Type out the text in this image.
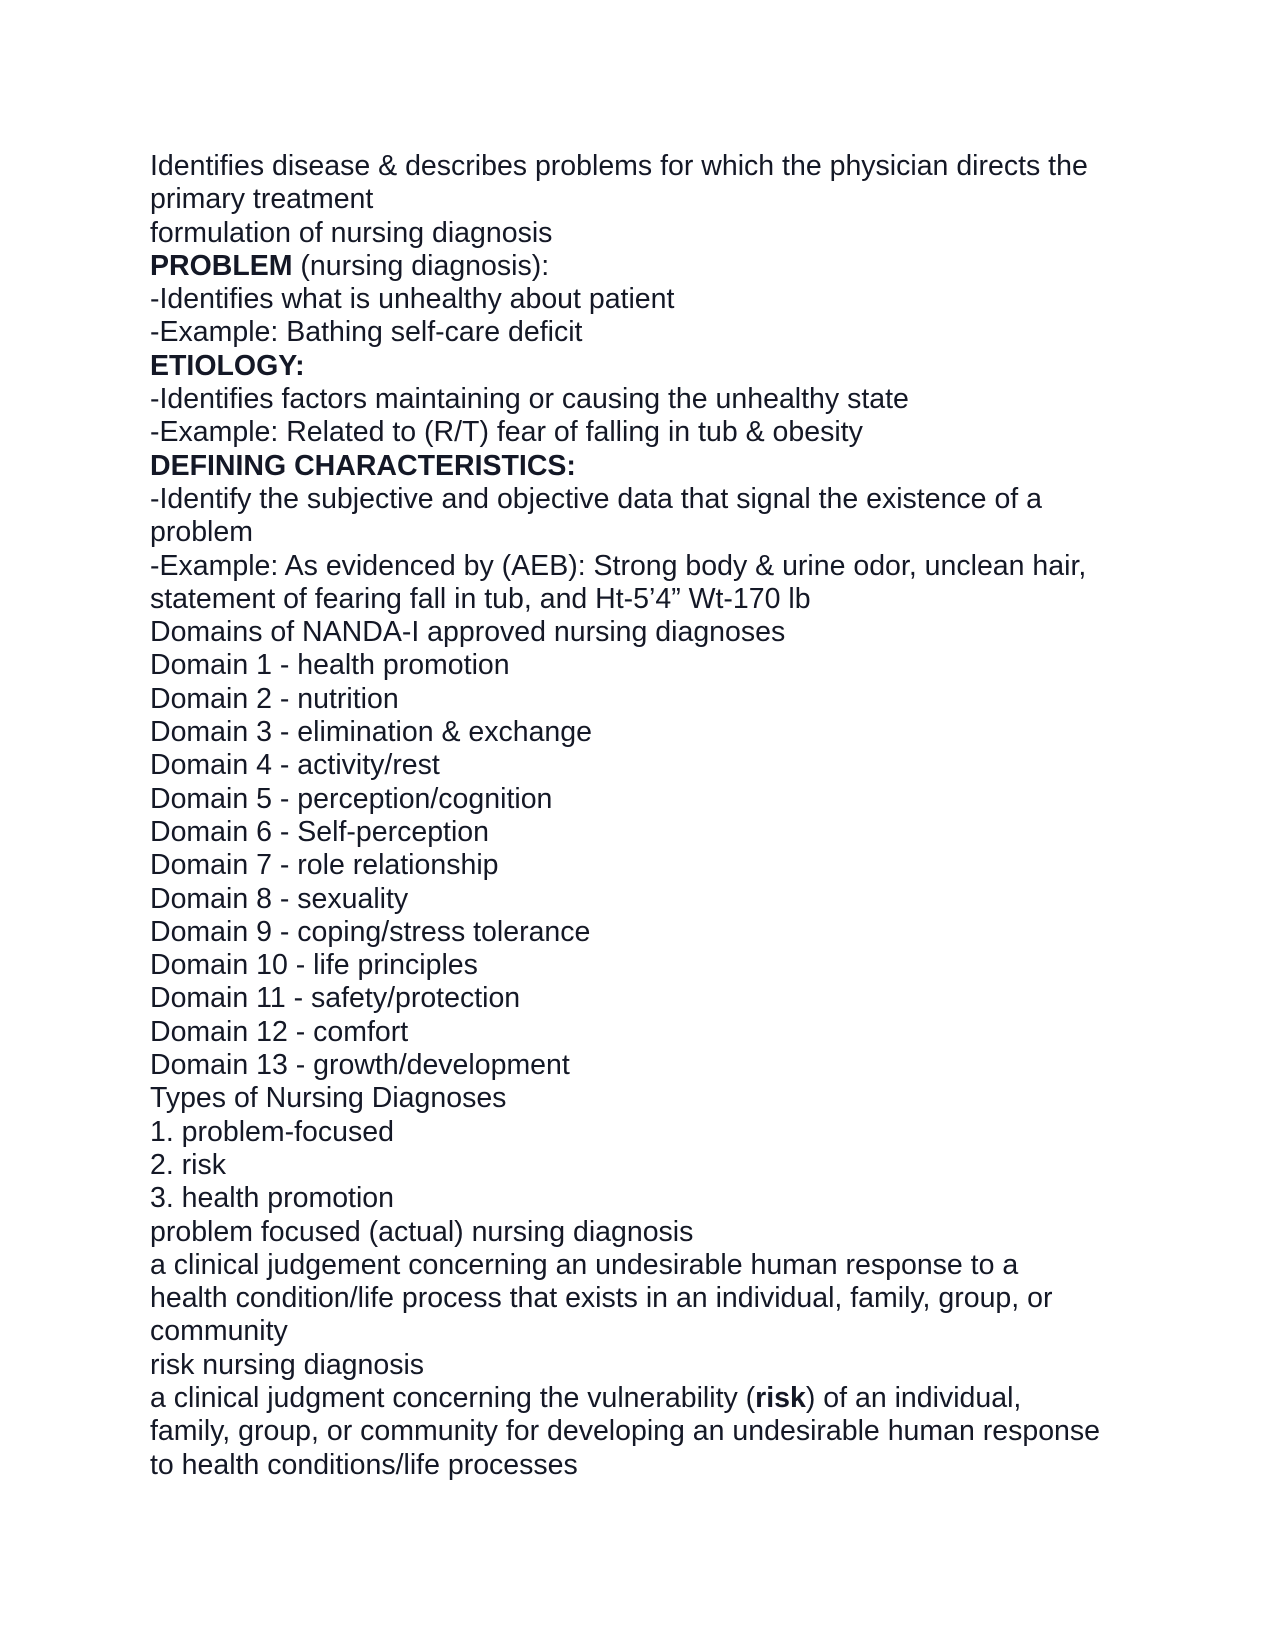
Identifies disease & describes problems for which the physician directs the
primary treatment
formulation of nursing diagnosis
PROBLEM (nursing diagnosis):
-Identifies what is unhealthy about patient
-Example: Bathing self-care deficit
ETIOLOGY:
-Identifies factors maintaining or causing the unhealthy state
-Example: Related to (R/T) fear of falling in tub & obesity
DEFINING CHARACTERISTICS:
-Identify the subjective and objective data that signal the existence of a
problem
-Example: As evidenced by (AEB): Strong body & urine odor, unclean hair,
statement of fearing fall in tub, and Ht-5’4” Wt-170 lb
Domains of NANDA-I approved nursing diagnoses
Domain 1 - health promotion
Domain 2 - nutrition
Domain 3 - elimination & exchange
Domain 4 - activity/rest
Domain 5 - perception/cognition
Domain 6 - Self-perception
Domain 7 - role relationship
Domain 8 - sexuality
Domain 9 - coping/stress tolerance
Domain 10 - life principles
Domain 11 - safety/protection
Domain 12 - comfort
Domain 13 - growth/development
Types of Nursing Diagnoses
1. problem-focused
2. risk
3. health promotion
problem focused (actual) nursing diagnosis
a clinical judgement concerning an undesirable human response to a
health condition/life process that exists in an individual, family, group, or
community
risk nursing diagnosis
a clinical judgment concerning the vulnerability (risk) of an individual,
family, group, or community for developing an undesirable human response
to health conditions/life processes
